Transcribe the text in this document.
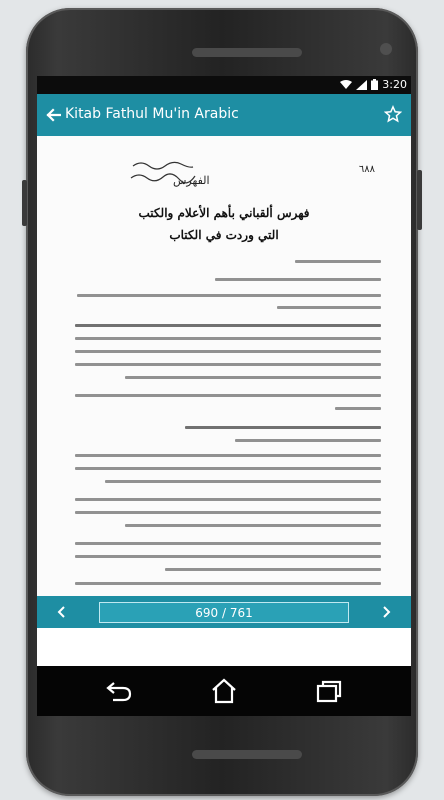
3:20
Kitab Fathul Mu'in Arabic
٦٨٨
الفهرس
فهرس ألقباني بأهم الأعلام والكتب
التي وردت في الكتاب
690 / 761
